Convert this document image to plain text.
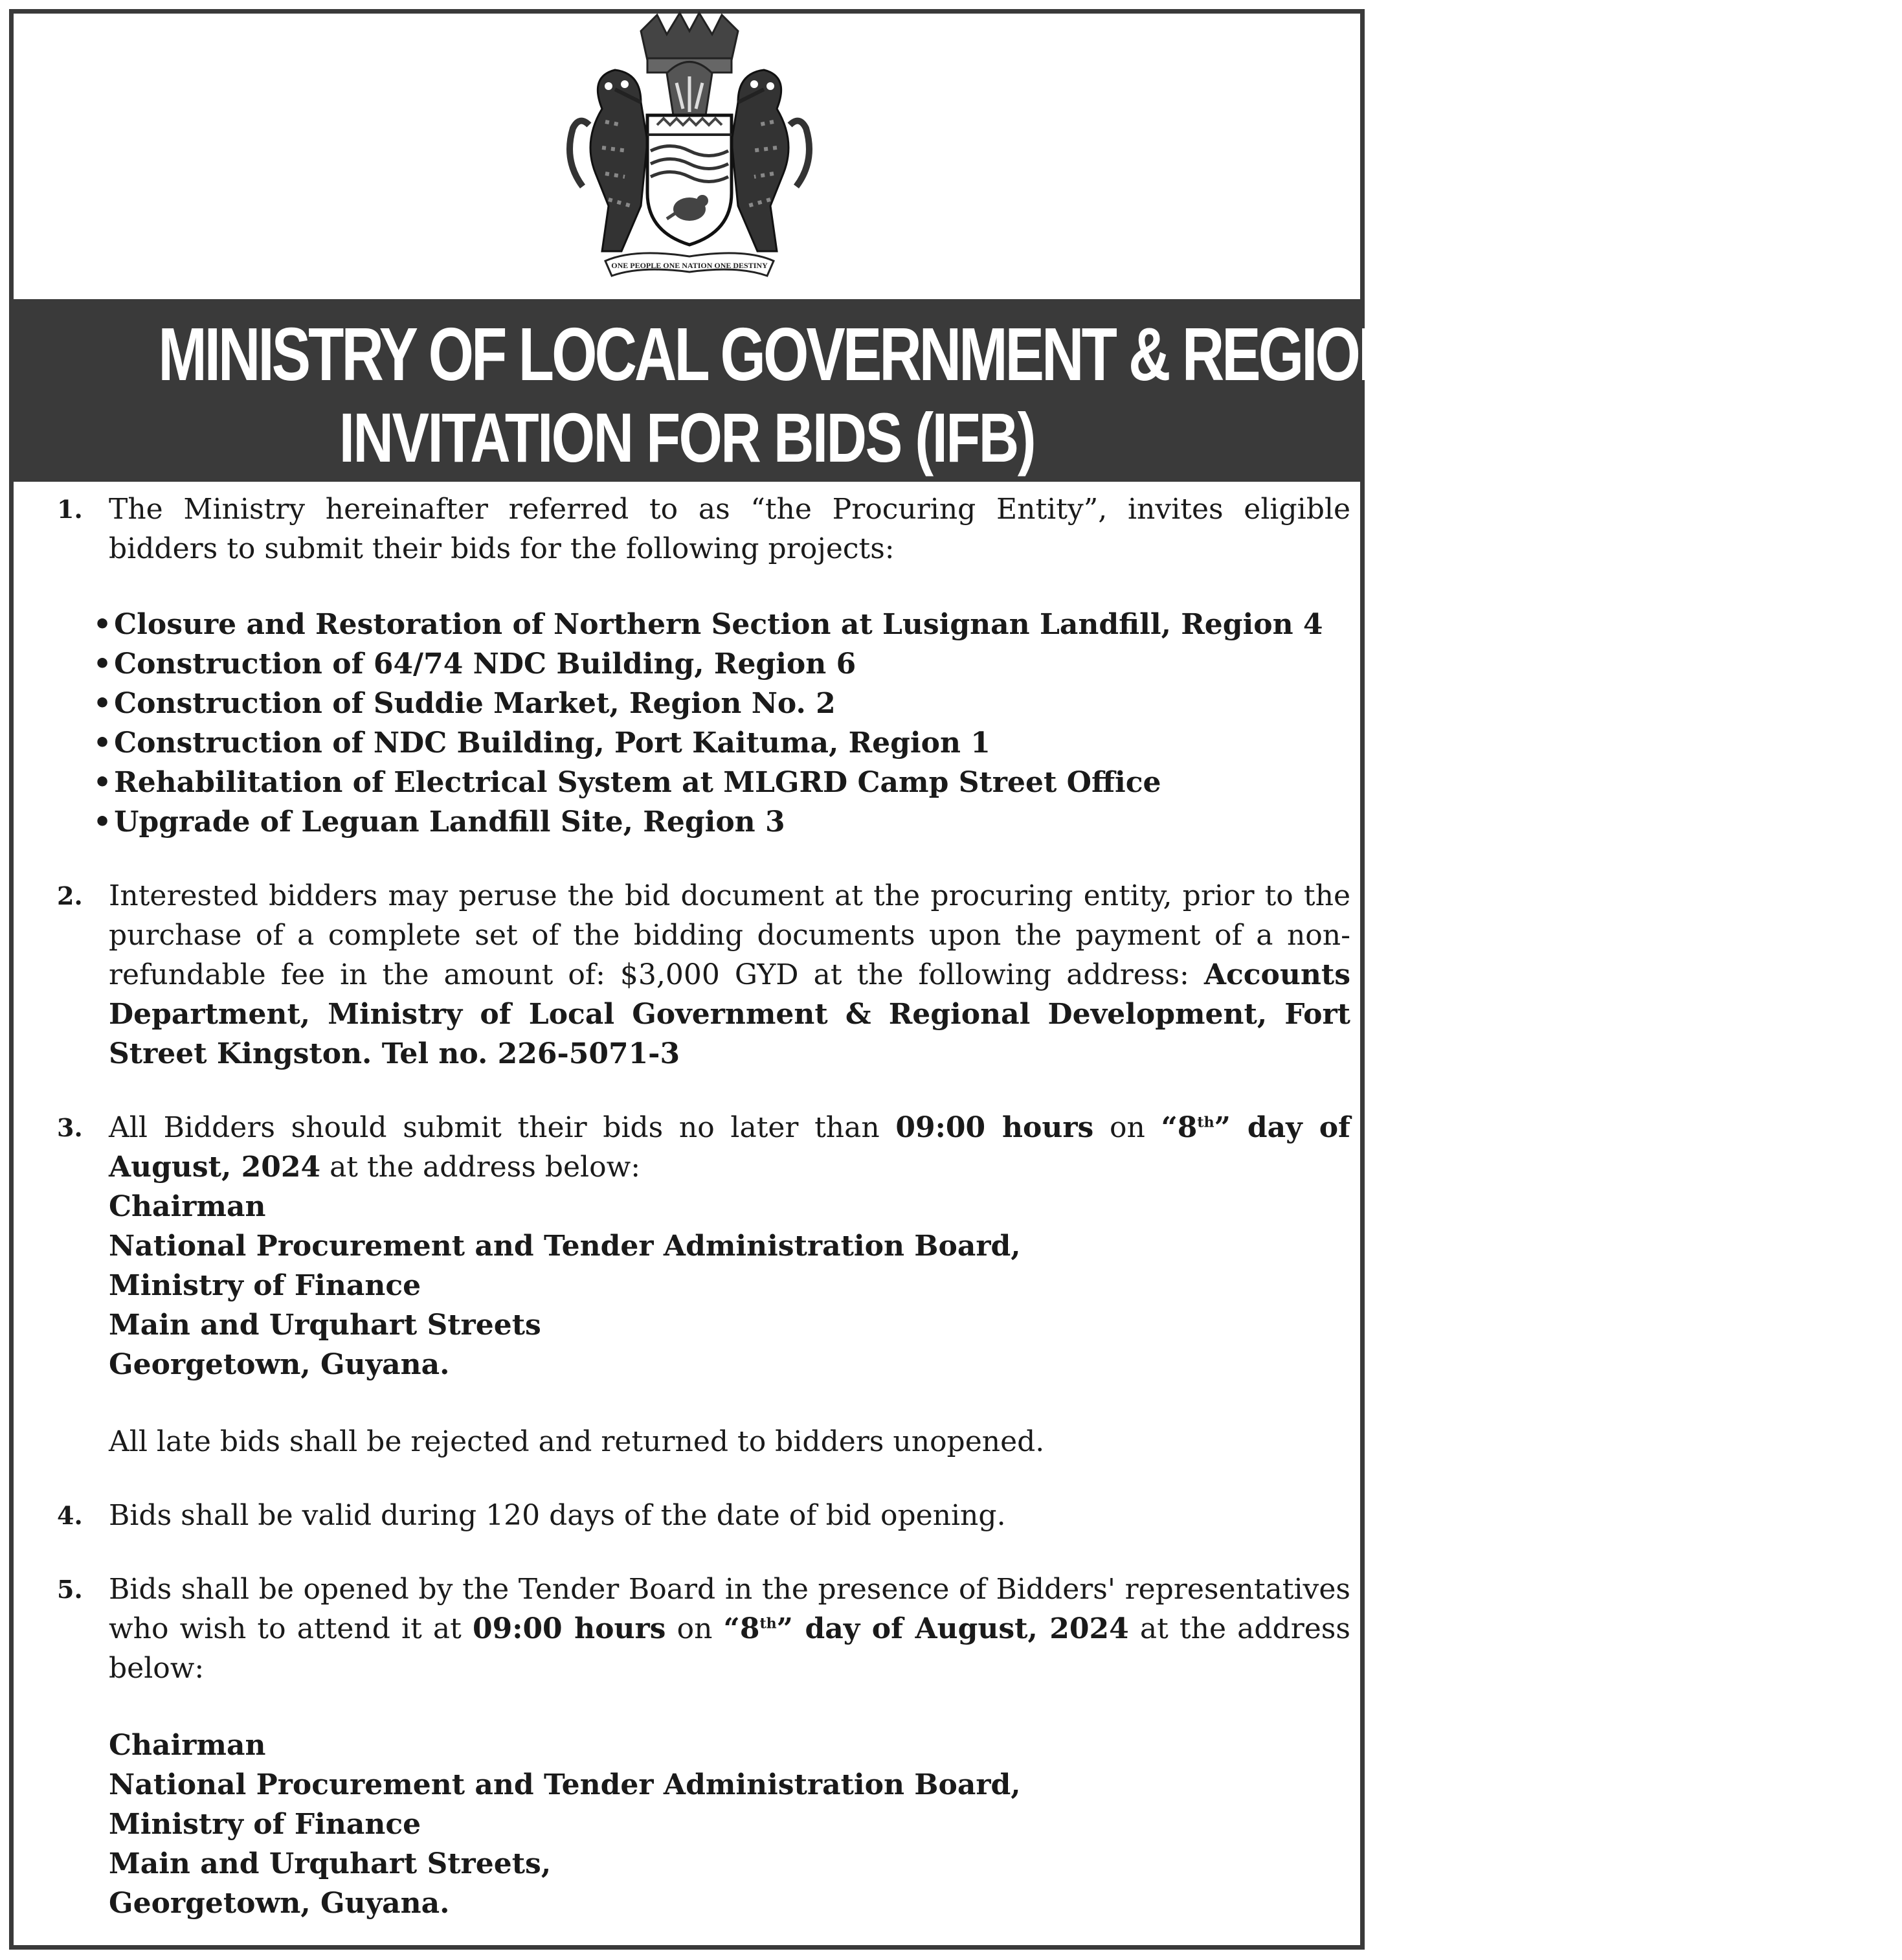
ONE PEOPLE ONE NATION ONE DESTINY
MINISTRY OF LOCAL GOVERNMENT & REGIONAL DEVELOPMENT
INVITATION FOR BIDS (IFB)
1. The Ministry hereinafter referred to as “the Procuring Entity”, invites eligible bidders to submit their bids for the following projects:
• Closure and Restoration of Northern Section at Lusignan Landfill, Region 4
• Construction of 64/74 NDC Building, Region 6
• Construction of Suddie Market, Region No. 2
• Construction of NDC Building, Port Kaituma, Region 1
• Rehabilitation of Electrical System at MLGRD Camp Street Office
• Upgrade of Leguan Landfill Site, Region 3
2. Interested bidders may peruse the bid document at the procuring entity, prior to the purchase of a complete set of the bidding documents upon the payment of a non-refundable fee in the amount of: $3,000 GYD at the following address: Accounts Department, Ministry of Local Government & Regional Development, Fort Street Kingston. Tel no. 226-5071-3
3. All Bidders should submit their bids no later than 09:00 hours on “8th” day of August, 2024 at the address below:
Chairman
National Procurement and Tender Administration Board,
Ministry of Finance
Main and Urquhart Streets
Georgetown, Guyana.
All late bids shall be rejected and returned to bidders unopened.
4. Bids shall be valid during 120 days of the date of bid opening.
5. Bids shall be opened by the Tender Board in the presence of Bidders' representatives who wish to attend it at 09:00 hours on “8th” day of August, 2024 at the address below:
Chairman
National Procurement and Tender Administration Board,
Ministry of Finance
Main and Urquhart Streets,
Georgetown, Guyana.
